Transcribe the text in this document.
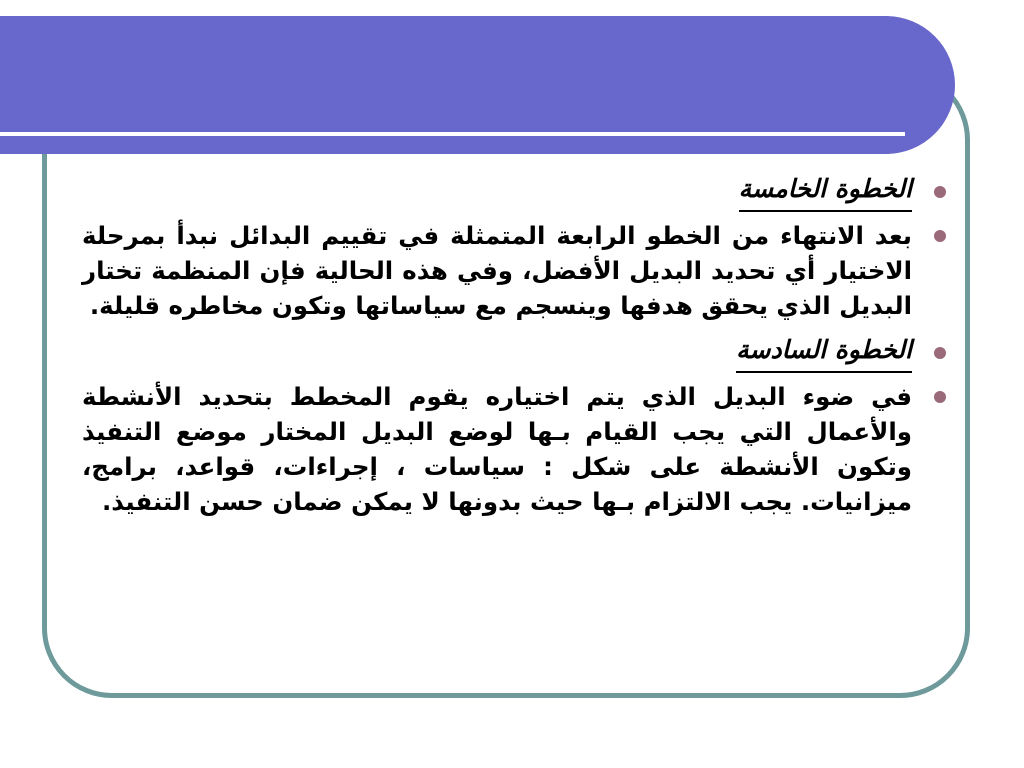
الخطوة الخامسة
بعد الانتهاء من الخطو الرابعة المتمثلة في تقييم البدائل نبدأ بمرحلة الاختيار أي تحديد البديل الأفضل، وفي هذه الحالية فإن المنظمة تختار البديل الذي يحقق هدفها وينسجم مع سياساتها وتكون مخاطره قليلة.
الخطوة السادسة
في ضوء البديل الذي يتم اختياره يقوم المخطط بتحديد الأنشطة والأعمال التي يجب القيام بـها لوضع البديل المختار موضع التنفيذ وتكون الأنشطة على شكل : سياسات ، إجراءات، قواعد، برامج، ميزانيات. يجب الالتزام بـها حيث بدونها لا يمكن ضمان حسن التنفيذ.
